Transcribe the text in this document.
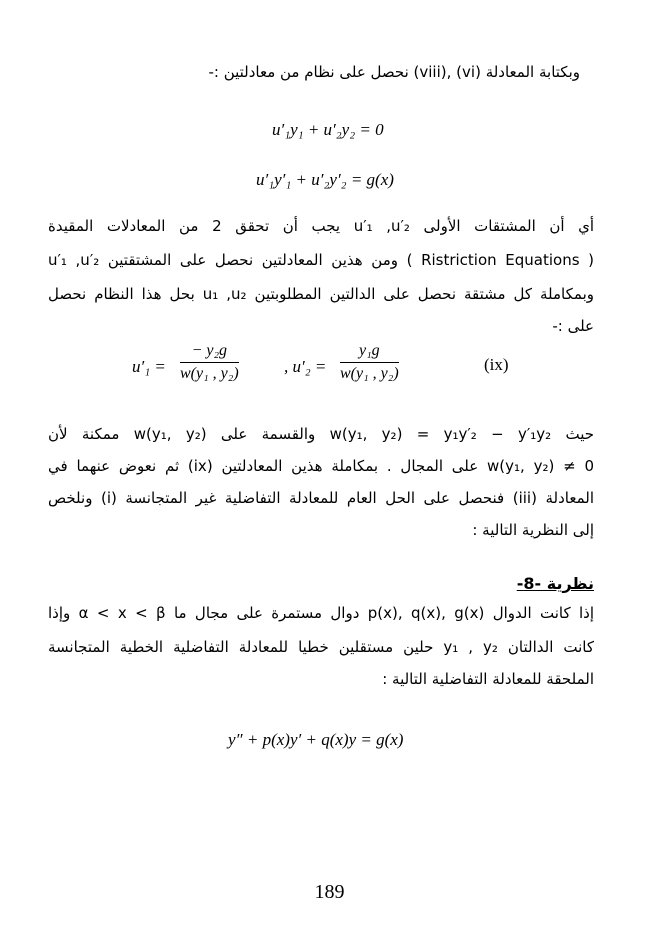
وبكتابة المعادلة (vi) ,(viii) نحصل على نظام من معادلتين :-
u′₁y₁ + u′₂y₂ = 0
u′₁y′₁ + u′₂y′₂ = g(x)
أي أن المشتقات الأولى u′₁ ,u′₂ يجب أن تحقق 2 من المعادلات المقيدة
( Ristriction Equations ) ومن هذين المعادلتين نحصل على المشتقتين u′₁ ,u′₂
وبمكاملة كل مشتقة نحصل على الدالتين المطلوبتين u₁ ,u₂ بحل هذا النظام نحصل
على :-
$u'_1 = \frac{\text{− y₂g}}{\text{w(y₁ , y₂)}}$	, $u'_2 = \frac{\text{y₁g}}{\text{w(y₁ , y₂)}}$	(ix)
حيث w(y₁, y₂) = y₁y′₂ − y′₁y₂ والقسمة على w(y₁, y₂) ممكنة لأن
w(y₁, y₂) ≠ 0 على المجال . بمكاملة هذين المعادلتين (ix) ثم نعوض عنهما في
المعادلة (iii) فنحصل على الحل العام للمعادلة التفاضلية غير المتجانسة (i) ونلخص
إلى النظرية التالية :
نظرية -8-
إذا كانت الدوال p(x), q(x), g(x) دوال مستمرة على مجال ما α < x < β وإذا
كانت الدالتان y₁ , y₂ حلين مستقلين خطيا للمعادلة التفاضلية الخطية المتجانسة
الملحقة للمعادلة التفاضلية التالية :
y″ + p(x)y′ + q(x)y = g(x)
189
